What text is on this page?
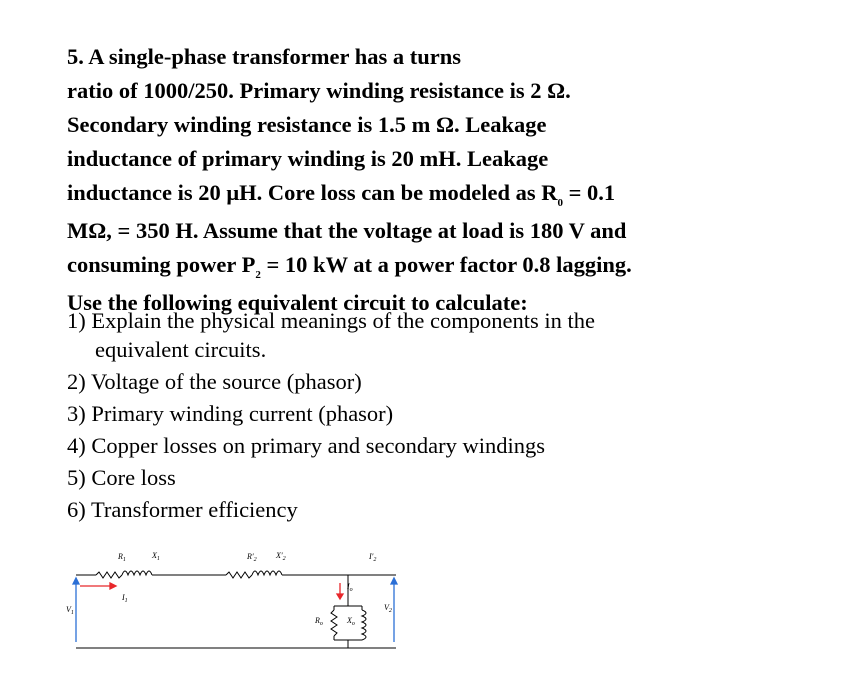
5. A single-phase transformer has a turns
ratio of 1000/250. Primary winding resistance is 2 Ω.
Secondary winding resistance is 1.5 m Ω. Leakage
inductance of primary winding is 20 mH. Leakage
inductance is 20 μH. Core loss can be modeled as $R_0 = 0.1$
MΩ, = 350 H. Assume that the voltage at load is 180 V and
consuming power $P_2 = 10$ kW at a power factor 0.8 lagging.
Use the following equivalent circuit to calculate:
1) Explain the physical meanings of the components in the
equivalent circuits.
2) Voltage of the source (phasor)
3) Primary winding current (phasor)
4) Copper losses on primary and secondary windings
5) Core loss
6) Transformer efficiency
$R_1$	$X_1$	$R'_2$ $X'_2$	$I'_2$
$I_o$
$I_1$
$V_1$
$V_2$
$R_o$	$X_o$
